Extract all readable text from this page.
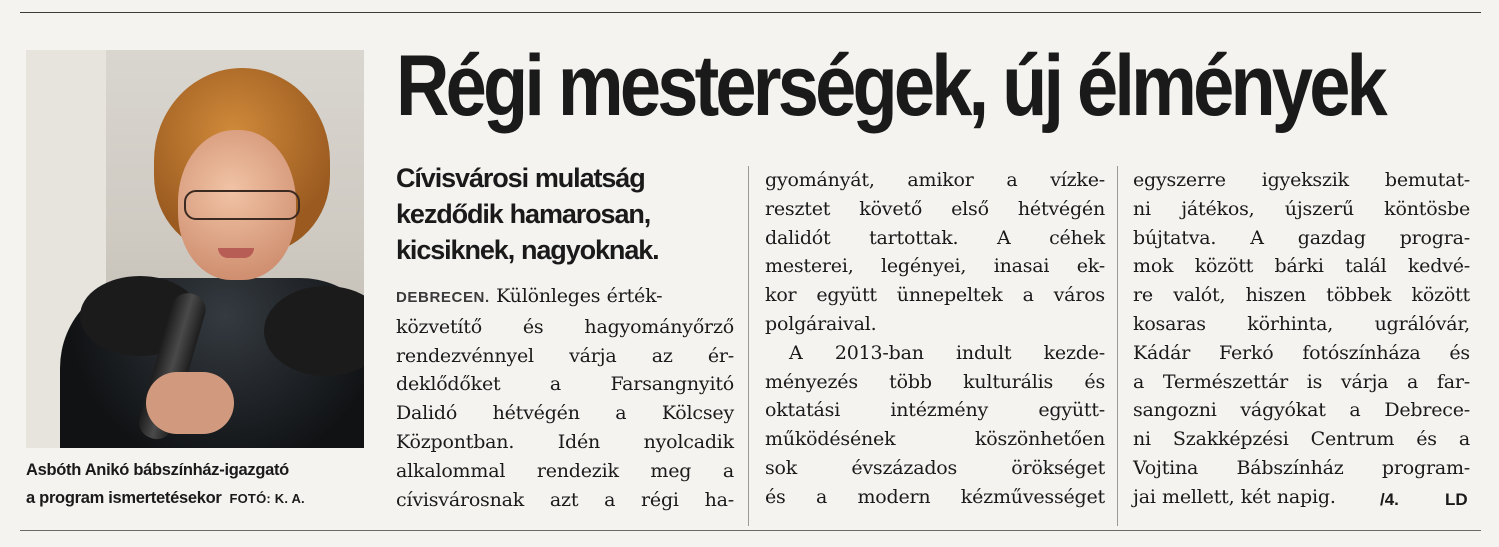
Asbóth Anikó bábszínház-igazgató
a program ismertetésekor FOTÓ: K. A.
Régi mesterségek, új élmények
Cívisvárosi mulatság kezdődik hamarosan, kicsiknek, nagyoknak.
DEBRECEN. Különleges érték-
közvetítő és hagyományőrző
rendezvénnyel várja az ér-
deklődőket a Farsangnyitó
Dalidó hétvégén a Kölcsey
Központban. Idén nyolcadik
alkalommal rendezik meg a
cívisvárosnak azt a régi ha-
gyományát, amikor a vízke-
resztet követő első hétvégén
dalidót tartottak. A céhek
mesterei, legényei, inasai ek-
kor együtt ünnepeltek a város
polgáraival.
A 2013-ban indult kezde-
ményezés több kulturális és
oktatási intézmény együtt-
működésének köszönhetően
sok évszázados örökséget
és a modern kézművességet
egyszerre igyekszik bemutat-
ni játékos, újszerű köntösbe
bújtatva. A gazdag progra-
mok között bárki talál kedvé-
re valót, hiszen többek között
kosaras körhinta, ugrálóvár,
Kádár Ferkó fotószínháza és
a Természettár is várja a far-
sangozni vágyókat a Debrece-
ni Szakképzési Centrum és a
Vojtina Bábszínház program-
jai mellett, két napig.	/4.	LD
